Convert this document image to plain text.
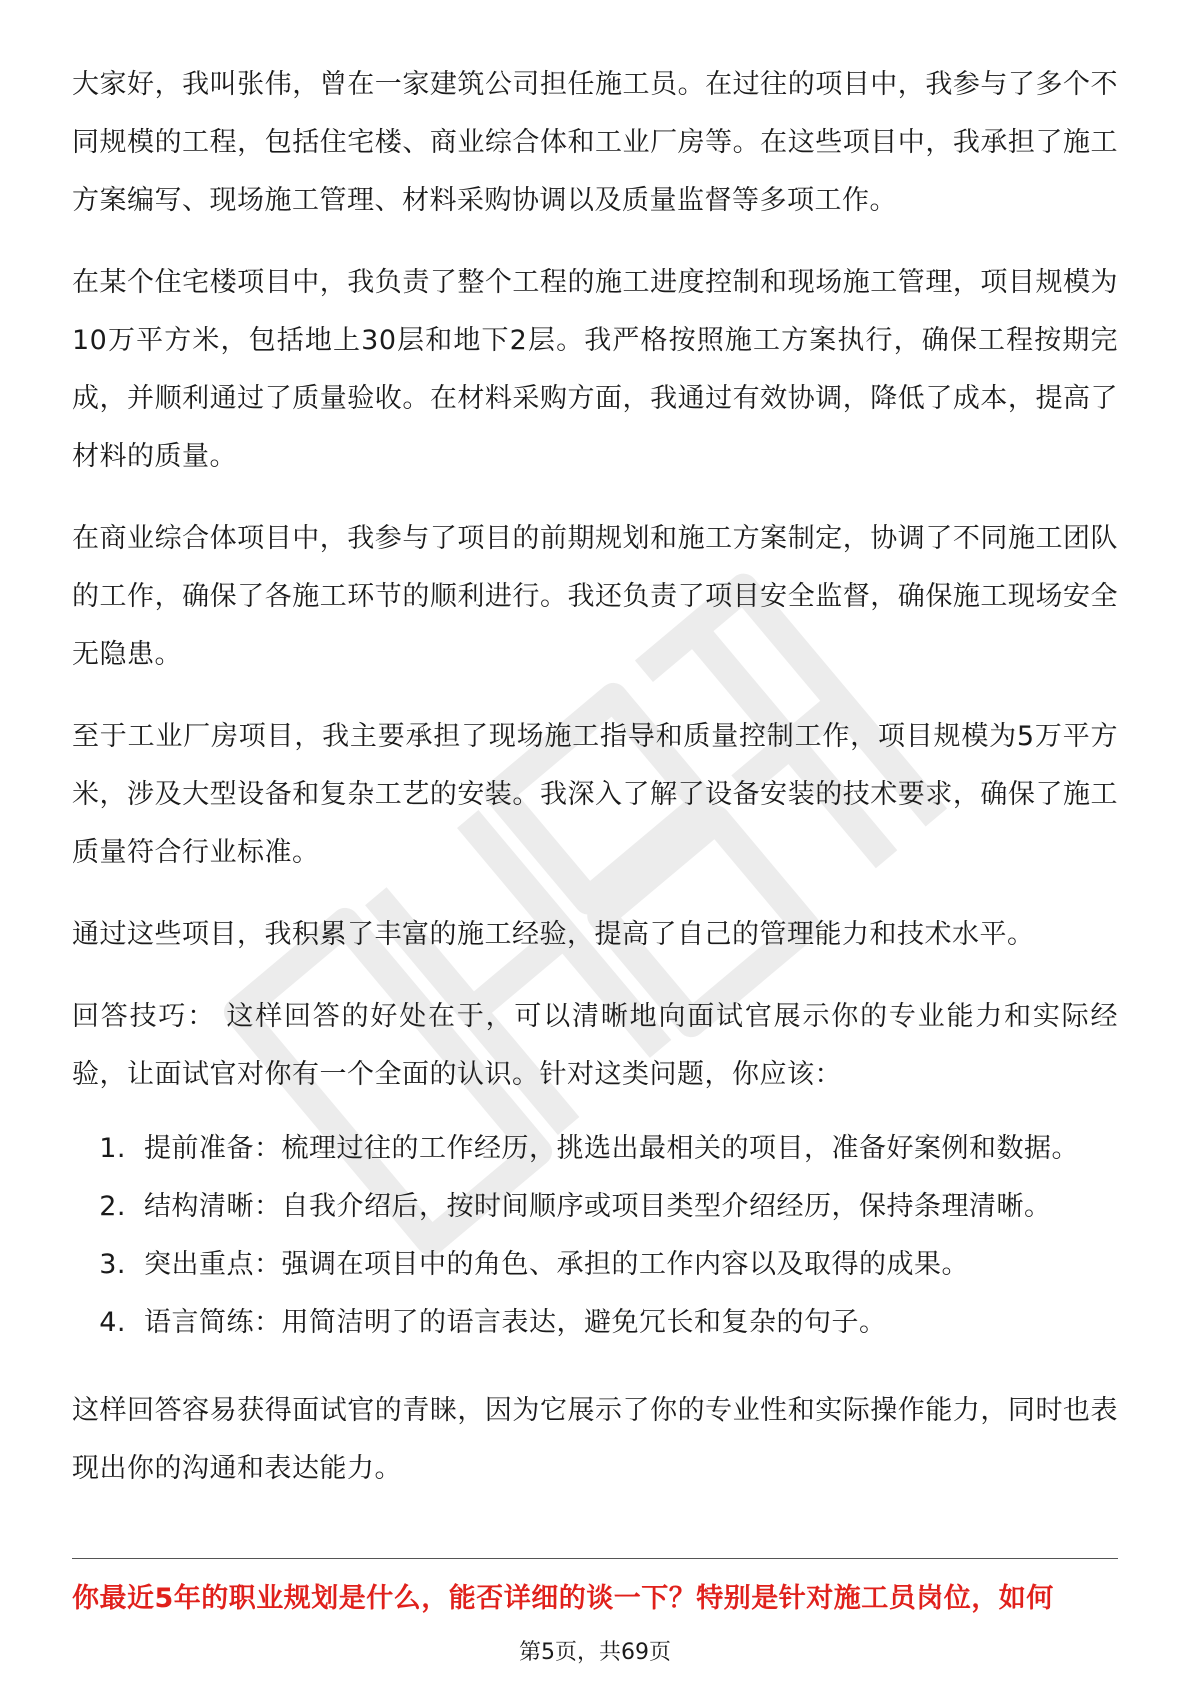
大家好，我叫张伟，曾在一家建筑公司担任施工员。在过往的项目中，我参与了多个不同规模的工程，包括住宅楼、商业综合体和工业厂房等。在这些项目中，我承担了施工方案编写、现场施工管理、材料采购协调以及质量监督等多项工作。

在某个住宅楼项目中，我负责了整个工程的施工进度控制和现场施工管理，项目规模为10万平方米，包括地上30层和地下2层。我严格按照施工方案执行，确保工程按期完成，并顺利通过了质量验收。在材料采购方面，我通过有效协调，降低了成本，提高了材料的质量。

在商业综合体项目中，我参与了项目的前期规划和施工方案制定，协调了不同施工团队的工作，确保了各施工环节的顺利进行。我还负责了项目安全监督，确保施工现场安全无隐患。

至于工业厂房项目，我主要承担了现场施工指导和质量控制工作，项目规模为5万平方米，涉及大型设备和复杂工艺的安装。我深入了解了设备安装的技术要求，确保了施工质量符合行业标准。

通过这些项目，我积累了丰富的施工经验，提高了自己的管理能力和技术水平。

回答技巧： 这样回答的好处在于，可以清晰地向面试官展示你的专业能力和实际经验，让面试官对你有一个全面的认识。针对这类问题，你应该：

1. 提前准备：梳理过往的工作经历，挑选出最相关的项目，准备好案例和数据。
2. 结构清晰：自我介绍后，按时间顺序或项目类型介绍经历，保持条理清晰。
3. 突出重点：强调在项目中的角色、承担的工作内容以及取得的成果。
4. 语言简练：用简洁明了的语言表达，避免冗长和复杂的句子。

这样回答容易获得面试官的青睐，因为它展示了你的专业性和实际操作能力，同时也表现出你的沟通和表达能力。

你最近5年的职业规划是什么，能否详细的谈一下？特别是针对施工员岗位，如何
第5页，共69页
